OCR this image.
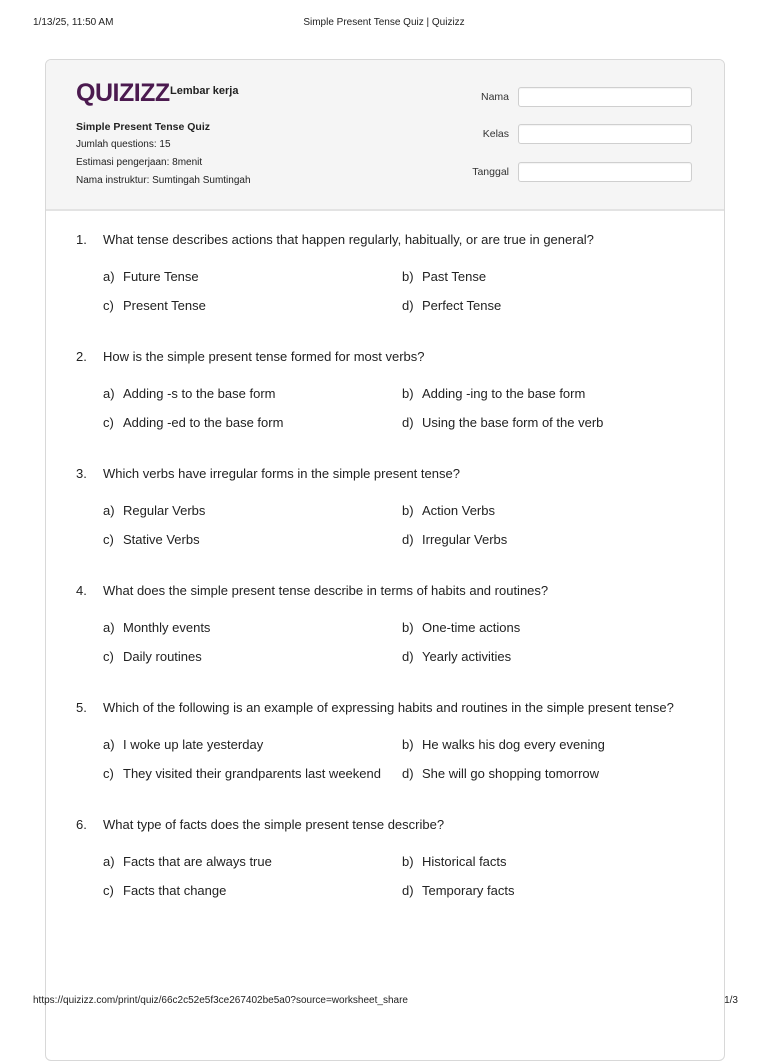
1/13/25, 11:50 AM	Simple Present Tense Quiz | Quizizz
QUIZIZZ Lembar kerja
Simple Present Tense Quiz
Jumlah questions: 15
Estimasi pengerjaan: 8menit
Nama instruktur: Sumtingah Sumtingah
Nama
Kelas
Tanggal
1. What tense describes actions that happen regularly, habitually, or are true in general?
a) Future Tense	b) Past Tense
c) Present Tense	d) Perfect Tense
2. How is the simple present tense formed for most verbs?
a) Adding -s to the base form	b) Adding -ing to the base form
c) Adding -ed to the base form	d) Using the base form of the verb
3. Which verbs have irregular forms in the simple present tense?
a) Regular Verbs	b) Action Verbs
c) Stative Verbs	d) Irregular Verbs
4. What does the simple present tense describe in terms of habits and routines?
a) Monthly events	b) One-time actions
c) Daily routines	d) Yearly activities
5. Which of the following is an example of expressing habits and routines in the simple present tense?
a) I woke up late yesterday	b) He walks his dog every evening
c) They visited their grandparents last weekend d) She will go shopping tomorrow
6. What type of facts does the simple present tense describe?
a) Facts that are always true	b) Historical facts
c) Facts that change	d) Temporary facts
https://quizizz.com/print/quiz/66c2c52e5f3ce267402be5a0?source=worksheet_share	1/3
